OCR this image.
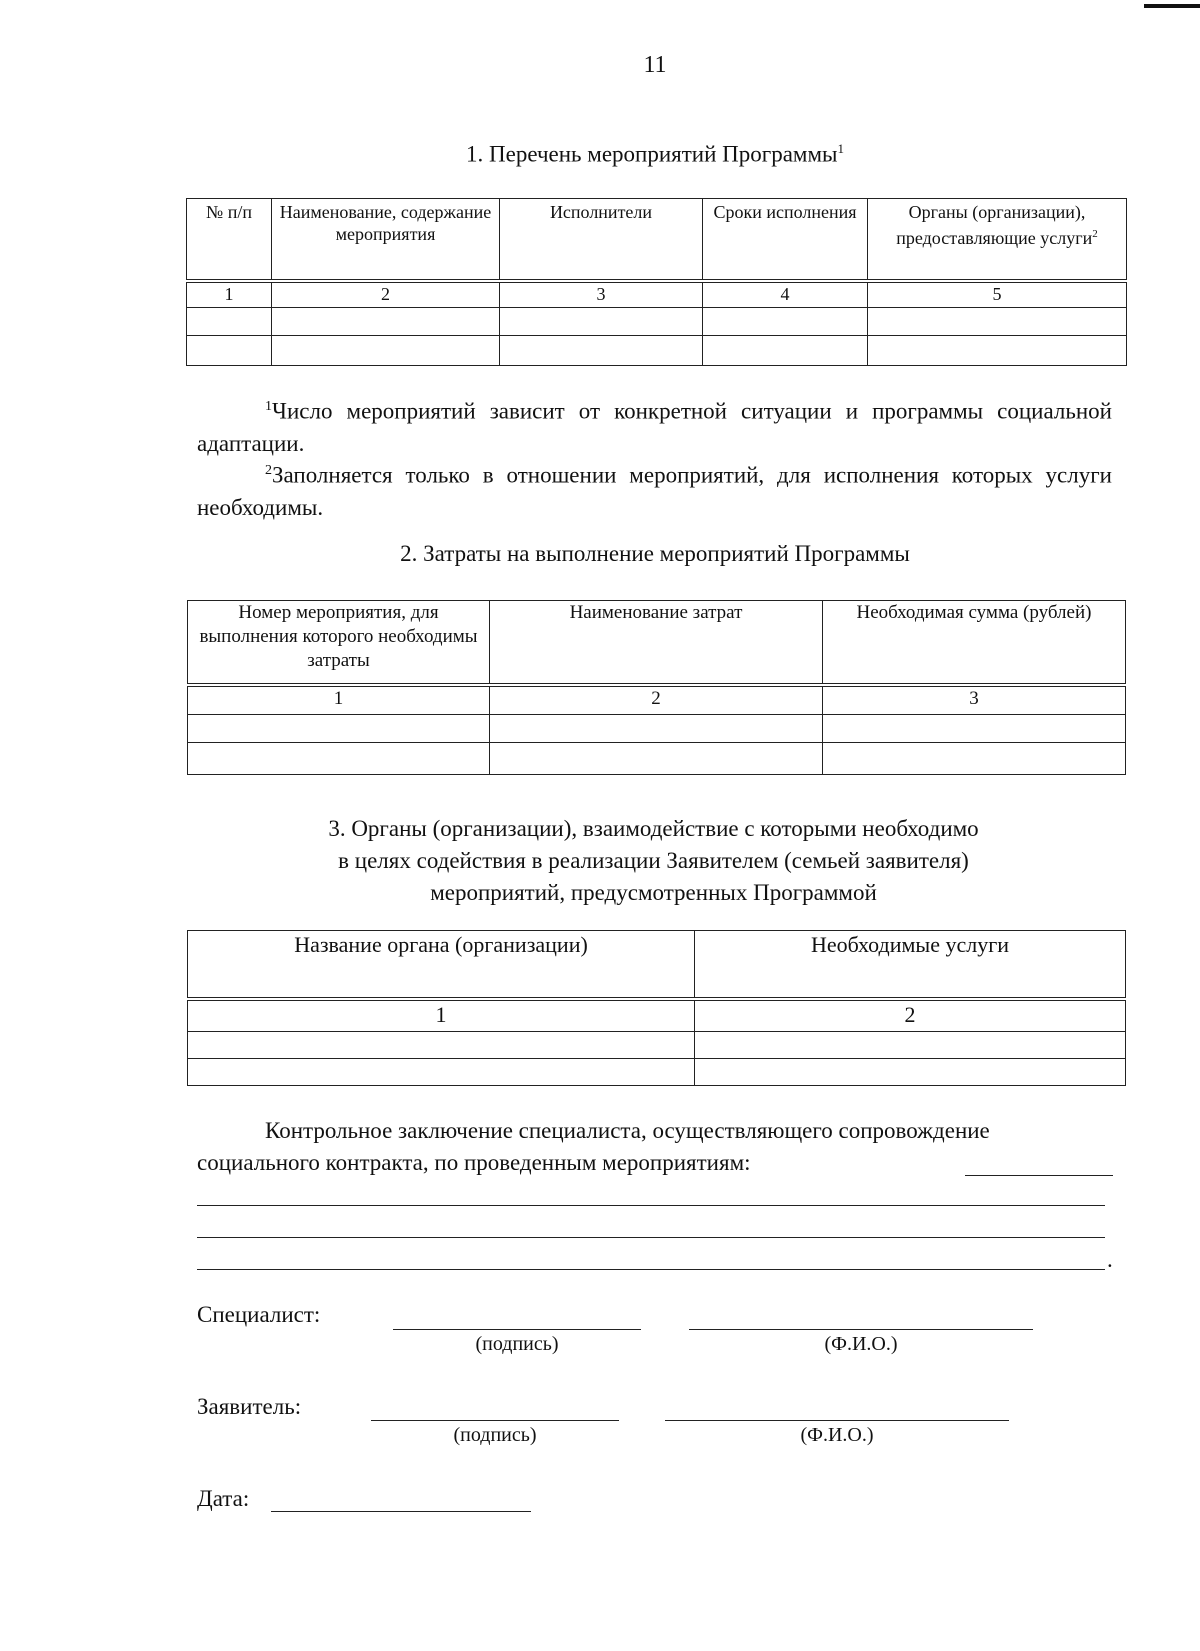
11
1. Перечень мероприятий Программы$^1$
№ п/п	Наименование, содержание мероприятия	Исполнители	Сроки исполнения	Органы (организации), предоставляющие услуги$^2$
1	2	3	4	5

$^1$Число мероприятий зависит от конкретной ситуации и программы социальной адаптации.
$^2$Заполняется только в отношении мероприятий, для исполнения которых услуги необходимы.
2. Затраты на выполнение мероприятий Программы
Номер мероприятия, для выполнения которого необходимы затраты	Наименование затрат	Необходимая сумма (рублей)
1	2	3

3. Органы (организации), взаимодействие с которыми необходимо
в целях содействия в реализации Заявителем (семьей заявителя)
мероприятий, предусмотренных Программой
Название органа (организации)	Необходимые услуги
1	2

Контрольное заключение специалиста, осуществляющего сопровождение социального контракта, по проведенным мероприятиям:
.
Специалист:
(подпись)	(Ф.И.О.)
Заявитель:
(подпись)	(Ф.И.О.)
Дата:
